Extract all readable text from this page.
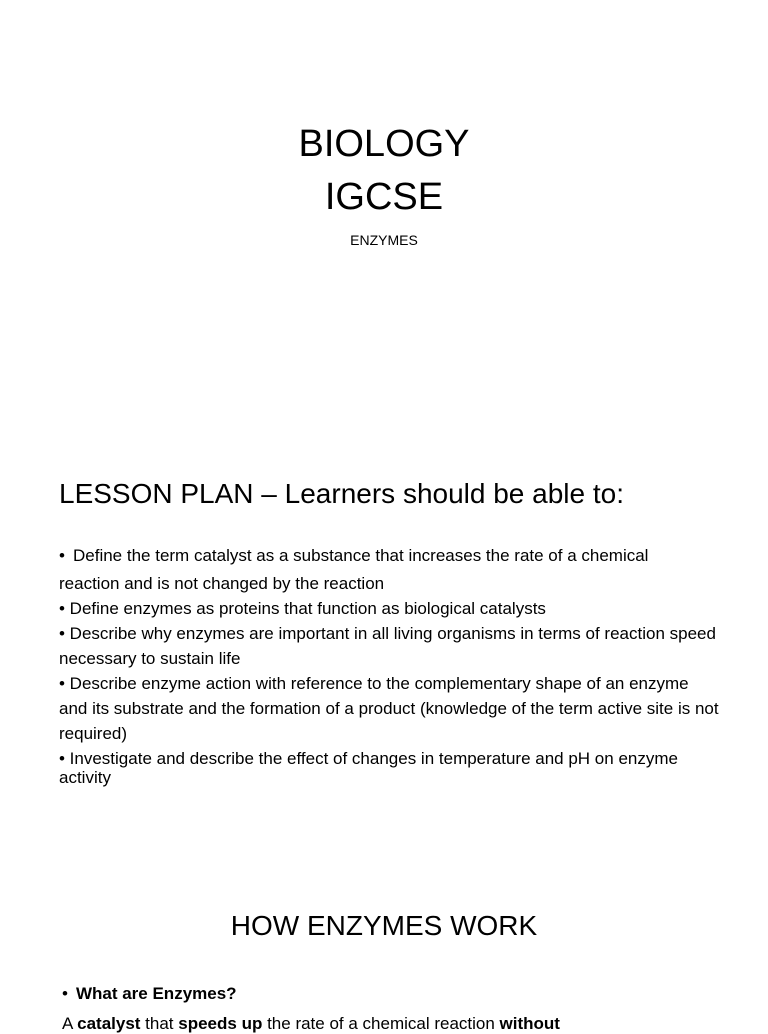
BIOLOGY
IGCSE
ENZYMES
LESSON PLAN – Learners should be able to:

• Define the term catalyst as a substance that increases the rate of a chemical

reaction and is not changed by the reaction

• Define enzymes as proteins that function as biological catalysts

• Describe why enzymes are important in all living organisms in terms of reaction speed necessary to sustain life

• Describe enzyme action with reference to the complementary shape of an enzyme and its substrate and the formation of a product (knowledge of the term active site is not required)

• Investigate and describe the effect of changes in temperature and pH on enzyme activity

HOW ENZYMES WORK
• What are Enzymes?
A catalyst that speeds up the rate of a chemical reaction without
